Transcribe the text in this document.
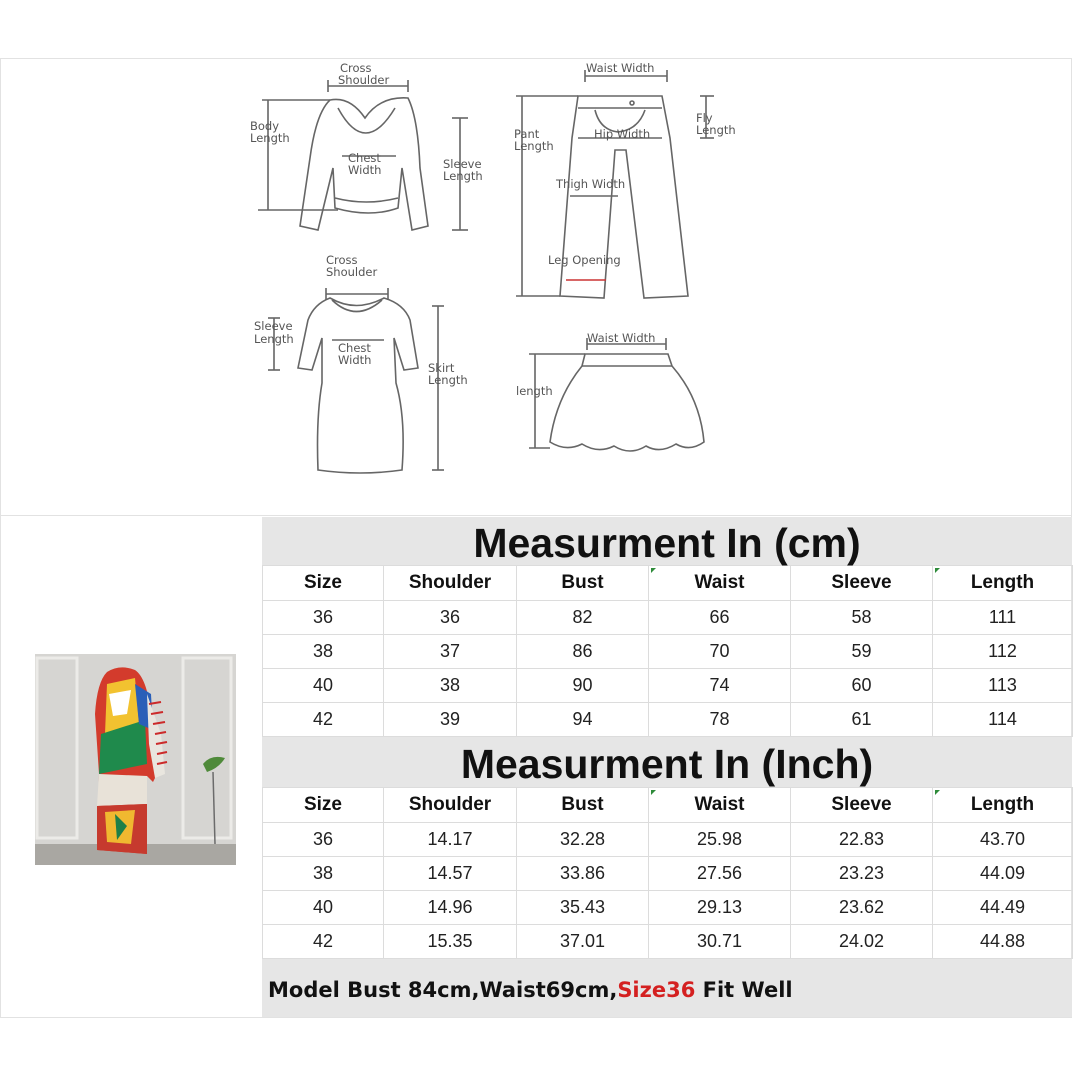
Cross Shoulder
Body Length
Chest Width	Sleeve Length
Waist Width
Pant Length
Hip Width
Fly Length
Thigh Width
Leg Opening
Cross Shoulder
Sleeve Length
Chest Width
Skirt Length
Waist Width
length
Measurment In (cm)
Size	Shoulder	Bust	Waist	Sleeve	Length
36	36	82	66	58	111
38	37	86	70	59	112
40	38	90	74	60	113
42	39	94	78	61	114
Measurment In (Inch)
Size	Shoulder	Bust	Waist	Sleeve	Length
36	14.17	32.28	25.98	22.83	43.70
38	14.57	33.86	27.56	23.23	44.09
40	14.96	35.43	29.13	23.62	44.49
42	15.35	37.01	30.71	24.02	44.88
Model Bust 84cm,Waist69cm,Size36 Fit Well
